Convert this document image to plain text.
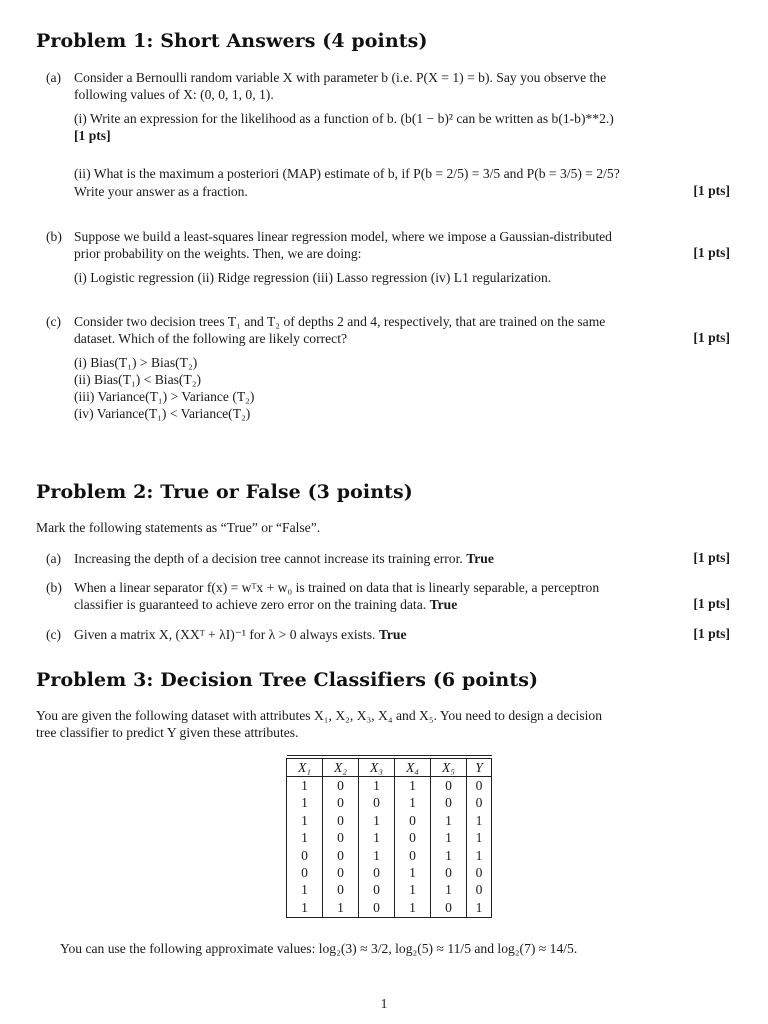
Problem 1: Short Answers (4 points)
(a) Consider a Bernoulli random variable X with parameter b (i.e. P(X = 1) = b). Say you observe the
following values of X: (0, 0, 1, 0, 1).
(i) Write an expression for the likelihood as a function of b. (b(1 − b)² can be written as b(1-b)**2.)
[1 pts]
(ii) What is the maximum a posteriori (MAP) estimate of b, if P(b = 2/5) = 3/5 and P(b = 3/5) = 2/5?
Write your answer as a fraction.	[1 pts]
(b) Suppose we build a least-squares linear regression model, where we impose a Gaussian-distributed
prior probability on the weights. Then, we are doing:	[1 pts]
(i) Logistic regression (ii) Ridge regression (iii) Lasso regression (iv) L1 regularization.
(c) Consider two decision trees T₁ and T₂ of depths 2 and 4, respectively, that are trained on the same
dataset. Which of the following are likely correct?	[1 pts]
(i) Bias(T₁) > Bias(T₂)
(ii) Bias(T₁) < Bias(T₂)
(iii) Variance(T₁) > Variance (T₂)
(iv) Variance(T₁) < Variance(T₂)
Problem 2: True or False (3 points)
Mark the following statements as “True” or “False”.
(a) Increasing the depth of a decision tree cannot increase its training error. True	[1 pts]
(b) When a linear separator f(x) = wᵀx + w₀ is trained on data that is linearly separable, a perceptron
classifier is guaranteed to achieve zero error on the training data. True	[1 pts]
(c) Given a matrix X, (XXᵀ + λI)⁻¹ for λ > 0 always exists. True	[1 pts]
Problem 3: Decision Tree Classifiers (6 points)
You are given the following dataset with attributes X₁, X₂, X₃, X₄ and X₅. You need to design a decision
tree classifier to predict Y given these attributes.
X₁	X₂	X₃	X₄	X₅	Y
1	0	1	1	0	0
1	0	0	1	0	0
1	0	1	0	1	1
1	0	1	0	1	1
0	0	1	0	1	1
0	0	0	1	0	0
1	0	0	1	1	0
1	1	0	1	0	1
You can use the following approximate values: log₂(3) ≈ 3/2, log₂(5) ≈ 11/5 and log₂(7) ≈ 14/5.
1
